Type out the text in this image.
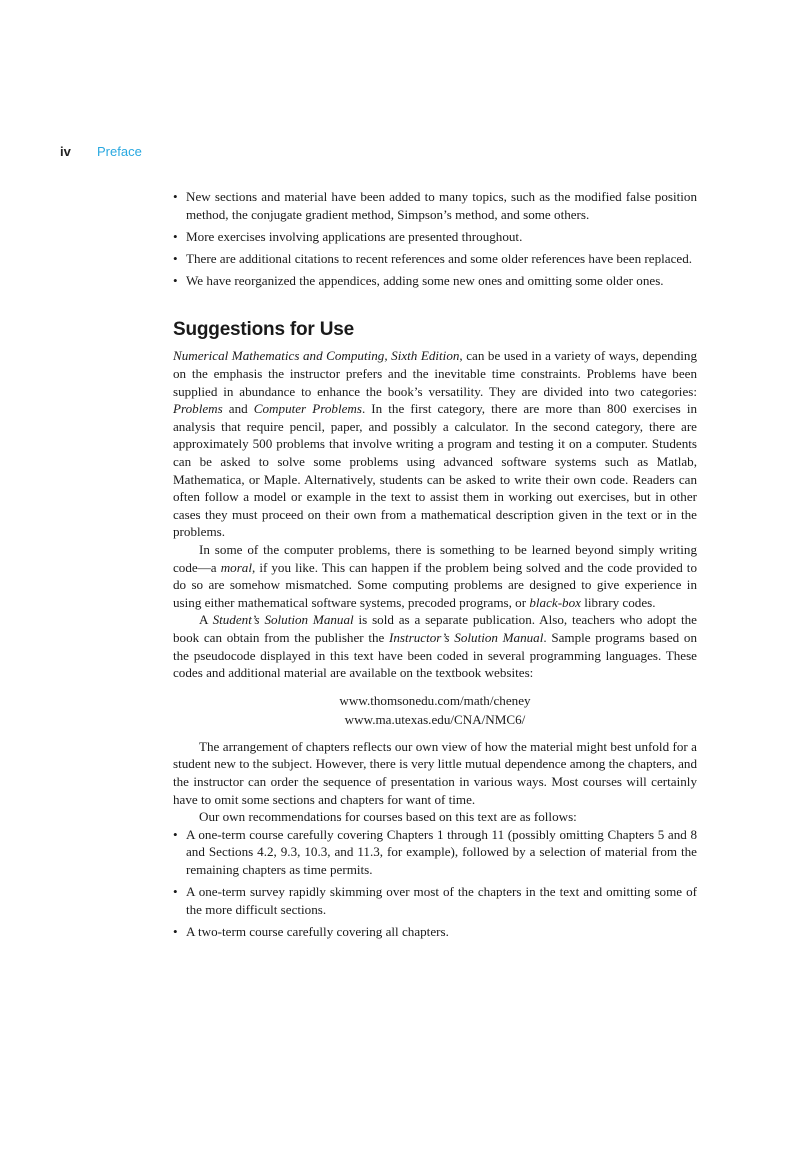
iv Preface
• New sections and material have been added to many topics, such as the modified false position method, the conjugate gradient method, Simpson’s method, and some others.
• More exercises involving applications are presented throughout.
• There are additional citations to recent references and some older references have been replaced.
• We have reorganized the appendices, adding some new ones and omitting some older ones.
Suggestions for Use

Numerical Mathematics and Computing, Sixth Edition, can be used in a variety of ways, depending on the emphasis the instructor prefers and the inevitable time constraints. Problems have been supplied in abundance to enhance the book’s versatility. They are divided into two categories: Problems and Computer Problems. In the first category, there are more than 800 exercises in analysis that require pencil, paper, and possibly a calculator. In the second category, there are approximately 500 problems that involve writing a program and testing it on a computer. Students can be asked to solve some problems using advanced software systems such as Matlab, Mathematica, or Maple. Alternatively, students can be asked to write their own code. Readers can often follow a model or example in the text to assist them in working out exercises, but in other cases they must proceed on their own from a mathematical description given in the text or in the problems.

In some of the computer problems, there is something to be learned beyond simply writing code—a moral, if you like. This can happen if the problem being solved and the code provided to do so are somehow mismatched. Some computing problems are designed to give experience in using either mathematical software systems, precoded programs, or black-box library codes.

A Student’s Solution Manual is sold as a separate publication. Also, teachers who adopt the book can obtain from the publisher the Instructor’s Solution Manual. Sample programs based on the pseudocode displayed in this text have been coded in several programming languages. These codes and additional material are available on the textbook websites:

www.thomsonedu.com/math/cheney
www.ma.utexas.edu/CNA/NMC6/

The arrangement of chapters reflects our own view of how the material might best unfold for a student new to the subject. However, there is very little mutual dependence among the chapters, and the instructor can order the sequence of presentation in various ways. Most courses will certainly have to omit some sections and chapters for want of time.

Our own recommendations for courses based on this text are as follows:

• A one-term course carefully covering Chapters 1 through 11 (possibly omitting Chapters 5 and 8 and Sections 4.2, 9.3, 10.3, and 11.3, for example), followed by a selection of material from the remaining chapters as time permits.
• A one-term survey rapidly skimming over most of the chapters in the text and omitting some of the more difficult sections.
• A two-term course carefully covering all chapters.
